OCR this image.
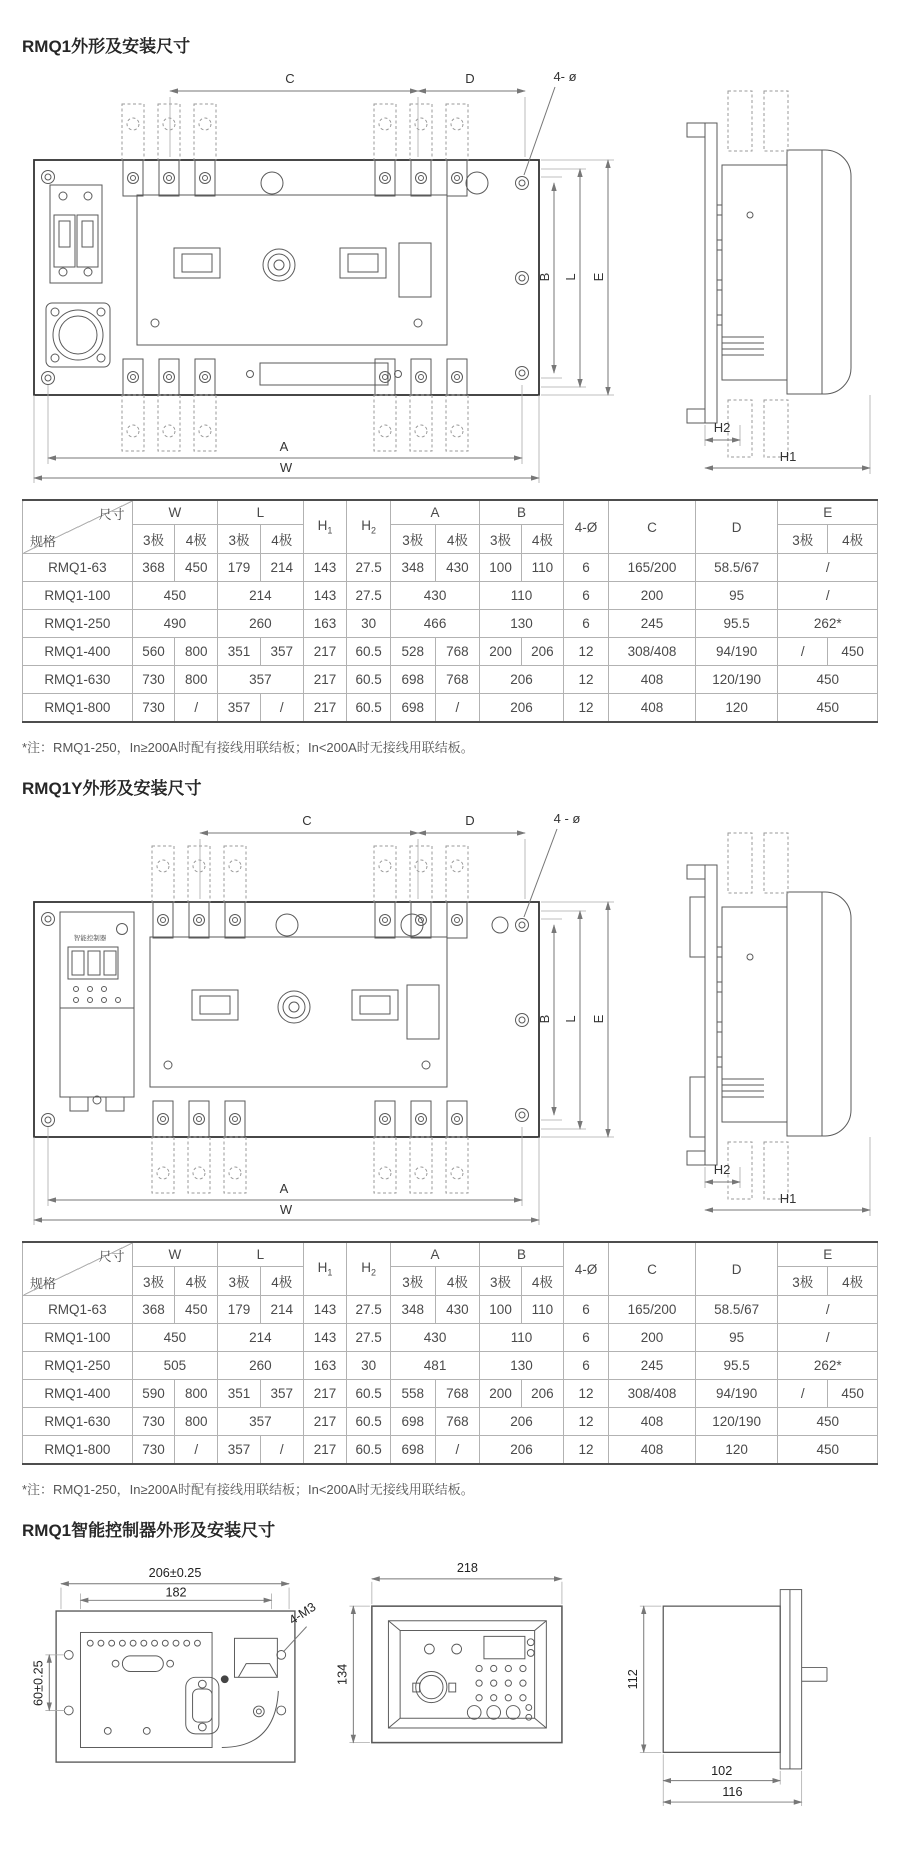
RMQ1外形及安装尺寸
C	D	4- ø
B L E
A
W
H2
H1
尺寸
规格	W		L		$H_1$	$H_2$	A		B		4-Ø	C	D	E	
	3极	4极	3极	4极			3极	4极	3极	4极				3极	4极
RMQ1-63	368	450	179	214	143	27.5	348	430	100	110	6	165/200	58.5/67	/	
RMQ1-100	450		214		143	27.5	430		110		6	200	95	/	
RMQ1-250	490		260		163	30	466		130		6	245	95.5	262*	
RMQ1-400	560	800	351	357	217	60.5	528	768	200	206	12	308/408	94/190	/	450
RMQ1-630	730	800	357		217	60.5	698	768	206		12	408	120/190	450	
RMQ1-800	730	/	357	/	217	60.5	698	/	206		12	408	120	450	

*注：RMQ1-250，In≥200A时配有接线用联结板；In<200A时无接线用联结板。

RMQ1Y外形及安装尺寸
智能控制器
C	D	4 - ø
B L E
A
W
H2
H1
尺寸
规格	W		L		$H_1$	$H_2$	A		B		4-Ø	C	D	E	
	3极	4极	3极	4极			3极	4极	3极	4极				3极	4极
RMQ1-63	368	450	179	214	143	27.5	348	430	100	110	6	165/200	58.5/67	/	
RMQ1-100	450		214		143	27.5	430		110		6	200	95	/	
RMQ1-250	505		260		163	30	481		130		6	245	95.5	262*	
RMQ1-400	590	800	351	357	217	60.5	558	768	200	206	12	308/408	94/190	/	450
RMQ1-630	730	800	357		217	60.5	698	768	206		12	408	120/190	450	
RMQ1-800	730	/	357	/	217	60.5	698	/	206		12	408	120	450	

*注：RMQ1-250，In≥200A时配有接线用联结板；In<200A时无接线用联结板。

RMQ1智能控制器外形及安装尺寸
206±0.25
182
60±0.25
4-M3
218
134	112
102
116
